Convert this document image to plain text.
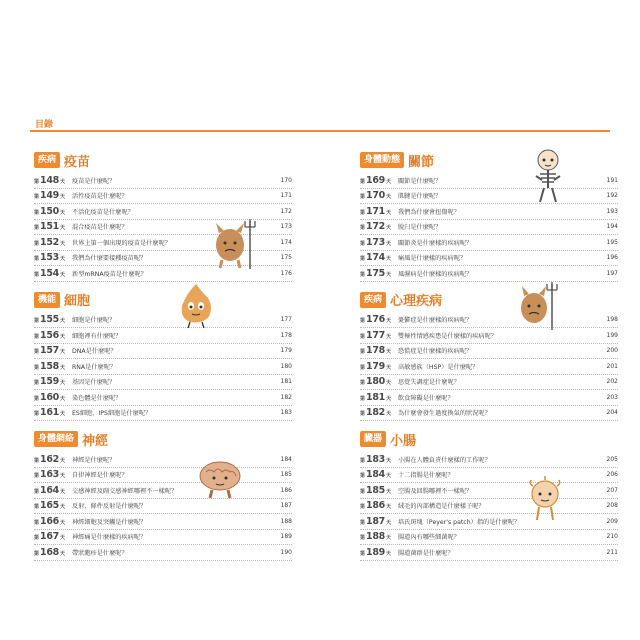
目錄
疾病 疫苗
第 148 天 疫苗是什麼呢？	170
第 149 天 活性疫苗是什麼呢？	171
第 150 天 不活化疫苗是什麼呢？	172
第 151 天 混合疫苗是什麼呢？	173
第 152 天 世界上第一個出現的疫苗是什麼呢？	174
第 153 天 我們為什麼要接種疫苗呢？	175
第 154 天 新型mRNA疫苗是什麼呢？	176
機能 細胞
第 155 天 細胞是什麼呢？	177
第 156 天 細胞裡有什麼呢？	178
第 157 天 DNA是什麼呢？	179
第 158 天 RNA是什麼呢？	180
第 159 天 基因是什麼呢？	181
第 160 天 染色體是什麼呢？	182
第 161 天 ES細胞、IPS細胞是什麼呢？	183
身體網絡 神經
第 162 天 神經是什麼呢？	184
第 163 天 自律神經是什麼呢？	185
第 164 天 交感神經及副交感神經哪裡不一樣呢？	186
第 165 天 反射、條件反射是什麼呢？	187
第 166 天 神經細胞及突觸是什麼呢？	188
第 167 天 神經痛是什麼樣的疾病呢？	189
第 168 天 帶狀皰疹是什麼呢？	190
身體動態 關節
第 169 天 關節是什麼呢？	191
第 170 天 肌腱是什麼呢？	192
第 171 天 我們為什麼會扭傷呢？	193
第 172 天 脫臼是什麼呢？	194
第 173 天 關節炎是什麼樣的疾病呢？	195
第 174 天 痛風是什麼樣的疾病呢？	196
第 175 天 風濕病是什麼樣的疾病呢？	197
疾病 心理疾病
第 176 天 憂鬱症是什麼樣的疾病呢？	198
第 177 天 雙極性情感疾患是什麼樣的疾病呢？	199
第 178 天 恐慌症是什麼樣的疾病呢？	200
第 179 天 高敏感族（HSP）是什麼呢？	201
第 180 天 思覺失調症是什麼呢？	202
第 181 天 飲食障礙是什麼呢？	203
第 182 天 為什麼會發生過度換氣的狀況呢？	204
臟器 小腸
第 183 天 小腸在人體負責什麼樣的工作呢？	205
第 184 天 十二指腸是什麼呢？	206
第 185 天 空腸及回腸哪裡不一樣呢？	207
第 186 天 絨毛的內部構造是什麼樣子呢？	208
第 187 天 培氏斑塊（Peyer's patch）指的是什麼呢？	209
第 188 天 腸道內有哪些細菌呢？	210
第 189 天 腸道菌群是什麼呢？	211
